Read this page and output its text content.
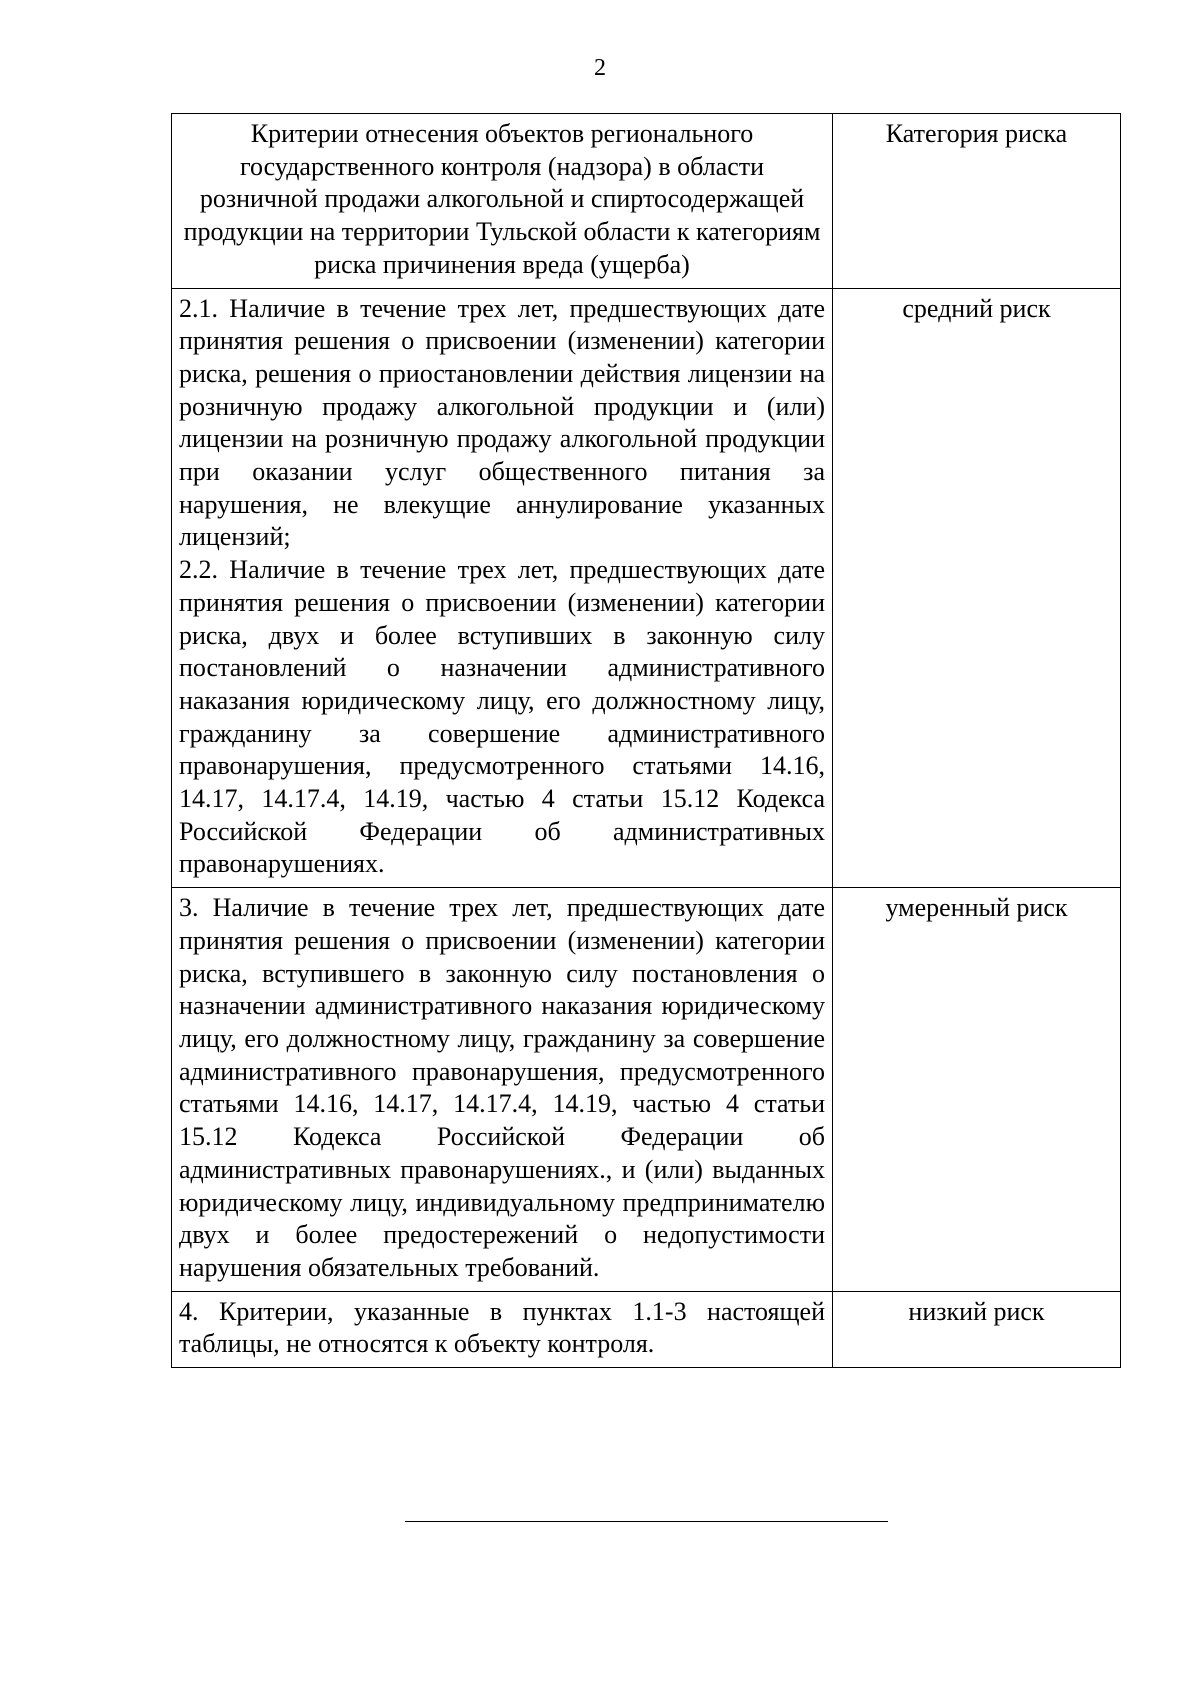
2
Критерии отнесения объектов регионального государственного контроля (надзора) в области розничной продажи алкогольной и спиртосодержащей продукции на территории Тульской области к категориям риска причинения вреда (ущерба)	Категория риска

2.1. Наличие в течение трех лет, предшествующих дате принятия решения о присвоении (изменении) категории риска, решения о приостановлении действия лицензии на розничную продажу алкогольной продукции и (или) лицензии на розничную продажу алкогольной продукции при оказании услуг общественного питания за нарушения, не влекущие аннулирование указанных лицензий;

2.2. Наличие в течение трех лет, предшествующих дате принятия решения о присвоении (изменении) категории риска, двух и более вступивших в законную силу постановлений о назначении административного наказания юридическому лицу, его должностному лицу, гражданину за совершение административного правонарушения, предусмотренного статьями 14.16, 14.17, 14.17.4, 14.19, частью 4 статьи 15.12 Кодекса Российской Федерации об административных правонарушениях.	средний риск

3. Наличие в течение трех лет, предшествующих дате принятия решения о присвоении (изменении) категории риска, вступившего в законную силу постановления о назначении административного наказания юридическому лицу, его должностному лицу, гражданину за совершение административного правонарушения, предусмотренного статьями 14.16, 14.17, 14.17.4, 14.19, частью 4 статьи 15.12 Кодекса Российской Федерации об административных правонарушениях., и (или) выданных юридическому лицу, индивидуальному предпринимателю двух и более предостережений о недопустимости нарушения обязательных требований.	умеренный риск

4. Критерии, указанные в пунктах 1.1-3 настоящей таблицы, не относятся к объекту контроля.	низкий риск
